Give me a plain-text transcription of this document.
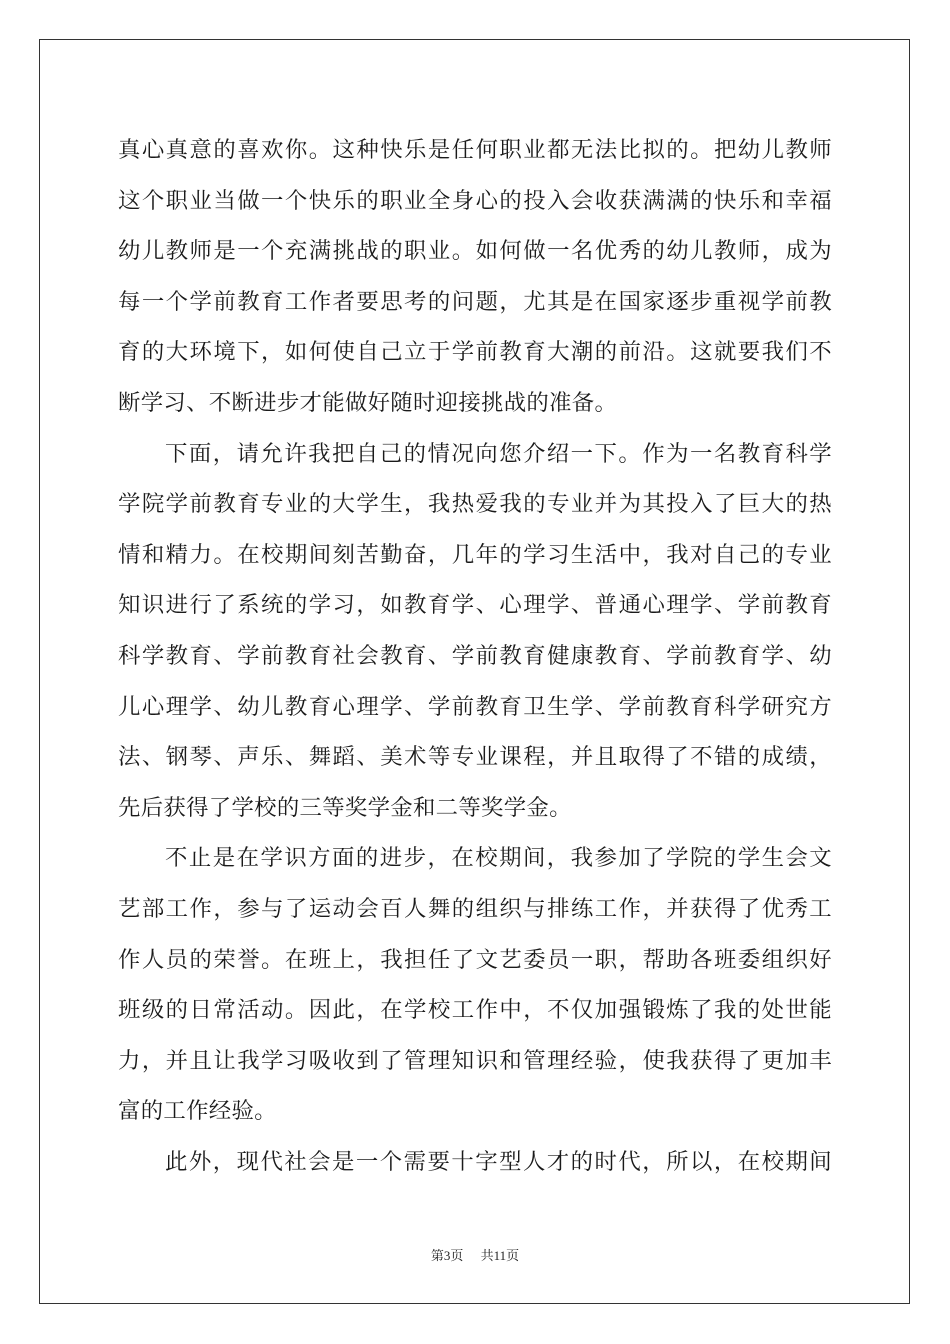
真心真意的喜欢你。这种快乐是任何职业都无法比拟的。把幼儿教师
这个职业当做一个快乐的职业全身心的投入会收获满满的快乐和幸福
幼儿教师是一个充满挑战的职业。如何做一名优秀的幼儿教师，成为
每一个学前教育工作者要思考的问题，尤其是在国家逐步重视学前教
育的大环境下，如何使自己立于学前教育大潮的前沿。这就要我们不
断学习、不断进步才能做好随时迎接挑战的准备。
下面，请允许我把自己的情况向您介绍一下。作为一名教育科学
学院学前教育专业的大学生，我热爱我的专业并为其投入了巨大的热
情和精力。在校期间刻苦勤奋，几年的学习生活中，我对自己的专业
知识进行了系统的学习，如教育学、心理学、普通心理学、学前教育
科学教育、学前教育社会教育、学前教育健康教育、学前教育学、幼
儿心理学、幼儿教育心理学、学前教育卫生学、学前教育科学研究方
法、钢琴、声乐、舞蹈、美术等专业课程，并且取得了不错的成绩，
先后获得了学校的三等奖学金和二等奖学金。
不止是在学识方面的进步，在校期间，我参加了学院的学生会文
艺部工作，参与了运动会百人舞的组织与排练工作，并获得了优秀工
作人员的荣誉。在班上，我担任了文艺委员一职，帮助各班委组织好
班级的日常活动。因此，在学校工作中，不仅加强锻炼了我的处世能
力，并且让我学习吸收到了管理知识和管理经验，使我获得了更加丰
富的工作经验。
此外，现代社会是一个需要十字型人才的时代，所以，在校期间
第3页 共11页
